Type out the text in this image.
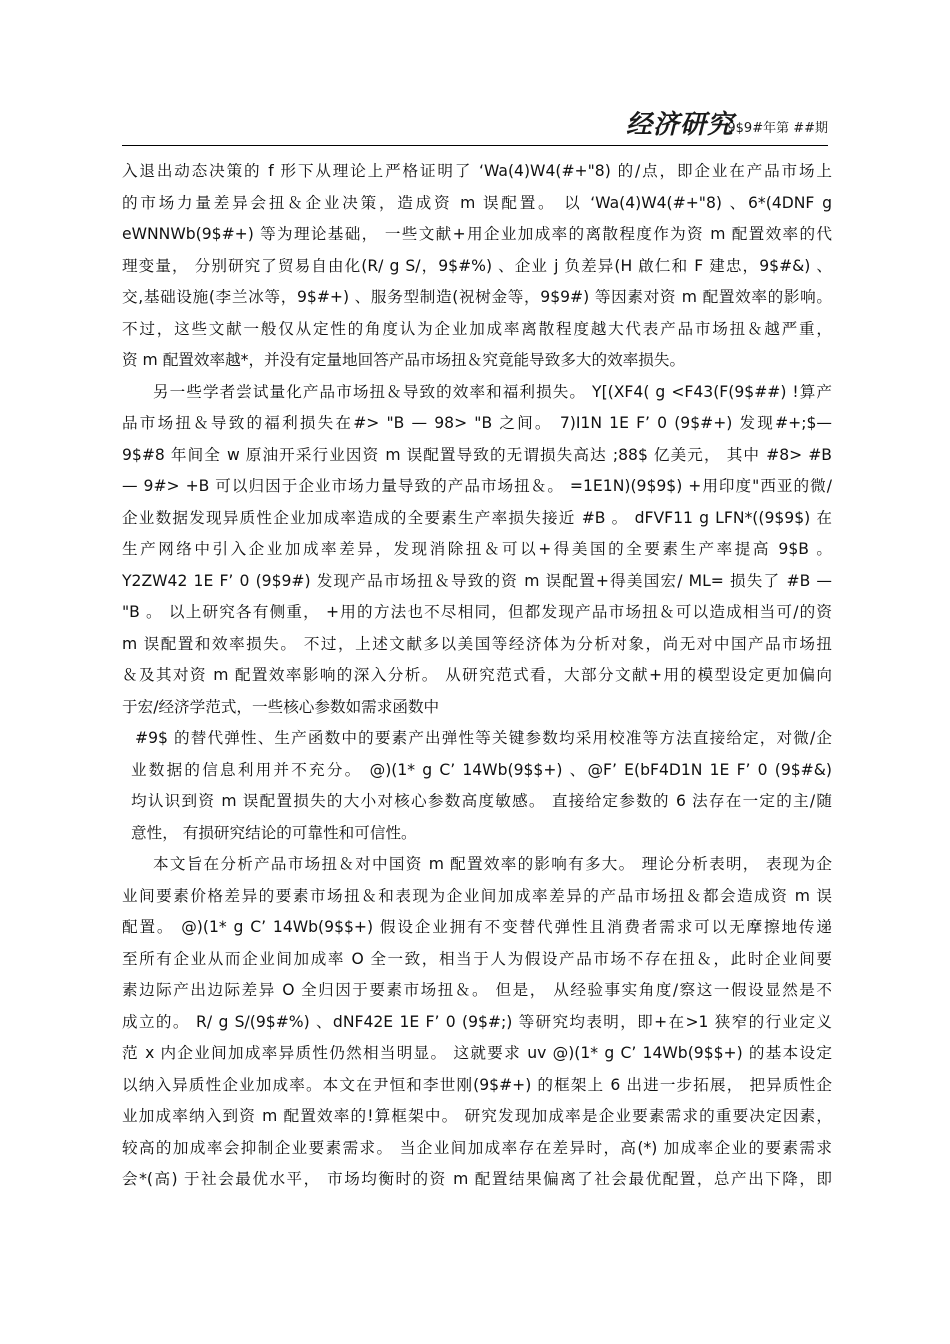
经济研究
9$9#年第 ##期
入退出动态决策的 f 形下从理论上严格证明了 ‘Wa(4)W4(#+"8) 的/点，即企业在产品市场上
的市场力量差异会扭＆企业决策，造成资 m 误配置。 以 ‘Wa(4)W4(#+"8) 、6*(4DNF g
eWNNWb(9$#+) 等为理论基础， 一些文献+用企业加成率的离散程度作为资 m 配置效率的代
理变量， 分别研究了贸易自由化(R/ g S/，9$#%) 、企业 j 负差异(H 啟仁和 F 建忠，9$#&) 、
交,基础设施(李兰冰等，9$#+) 、服务型制造(祝树金等，9$9#) 等因素对资 m 配置效率的影响。
不过，这些文献一般仅从定性的角度认为企业加成率离散程度越大代表产品市场扭＆越严重，
资 m 配置效率越*，并没有定量地回答产品市场扭＆究竟能导致多大的效率损失。
另一些学者尝试量化产品市场扭＆导致的效率和福利损失。 Y[(XF4( g <F43(F(9$##) !算产
品市场扭＆导致的福利损失在#> "B — 98> "B 之间。 7)I1N 1E F’ 0 (9$#+) 发现#+;$—
9$#8 年间全 w 原油开采行业因资 m 误配置导致的无谓损失高达 ;88$ 亿美元， 其中 #8> #B
— 9#> +B 可以归因于企业市场力量导致的产品市场扭＆。 =1E1N)(9$9$) +用印度"西亚的微/
企业数据发现异质性企业加成率造成的全要素生产率损失接近 #B 。 dFVF11 g LFN*((9$9$) 在
生产网络中引入企业加成率差异，发现消除扭＆可以+得美国的全要素生产率提高 9$B 。
Y2ZW42 1E F’ 0 (9$9#) 发现产品市场扭＆导致的资 m 误配置+得美国宏/ ML= 损失了 #B —
"B 。 以上研究各有侧重， +用的方法也不尽相同，但都发现产品市场扭＆可以造成相当可/的资
m 误配置和效率损失。 不过，上述文献多以美国等经济体为分析对象，尚无对中国产品市场扭
＆及其对资 m 配置效率影响的深入分析。 从研究范式看，大部分文献+用的模型设定更加偏向
于宏/经济学范式，一些核心参数如需求函数中
#9$ 的替代弹性、生产函数中的要素产出弹性等关键参数均采用校准等方法直接给定，对微/企
业数据的信息利用并不充分。 @)(1* g C’ 14Wb(9$$+) 、@F’ E(bF4D1N 1E F’ 0 (9$#&)
均认识到资 m 误配置损失的大小对核心参数高度敏感。 直接给定参数的 6 法存在一定的主/随
意性， 有损研究结论的可靠性和可信性。
本文旨在分析产品市场扭＆对中国资 m 配置效率的影响有多大。 理论分析表明， 表现为企
业间要素价格差异的要素市场扭＆和表现为企业间加成率差异的产品市场扭＆都会造成资 m 误
配置。 @)(1* g C’ 14Wb(9$$+) 假设企业拥有不变替代弹性且消费者需求可以无摩擦地传递
至所有企业从而企业间加成率 O 全一致，相当于人为假设产品市场不存在扭＆，此时企业间要
素边际产出边际差异 O 全归因于要素市场扭＆。 但是， 从经验事实角度/察这一假设显然是不
成立的。 R/ g S/(9$#%) 、dNF42E 1E F’ 0 (9$#;) 等研究均表明，即+在>1 狭窄的行业定义
范 x 内企业间加成率异质性仍然相当明显。 这就要求 uv @)(1* g C’ 14Wb(9$$+) 的基本设定
以纳入异质性企业加成率。本文在尹恒和李世刚(9$#+) 的框架上 6 出进一步拓展， 把异质性企
业加成率纳入到资 m 配置效率的!算框架中。 研究发现加成率是企业要素需求的重要决定因素，
较高的加成率会抑制企业要素需求。 当企业间加成率存在差异时，高(*) 加成率企业的要素需求
会*(高) 于社会最优水平， 市场均衡时的资 m 配置结果偏离了社会最优配置，总产出下降，即
